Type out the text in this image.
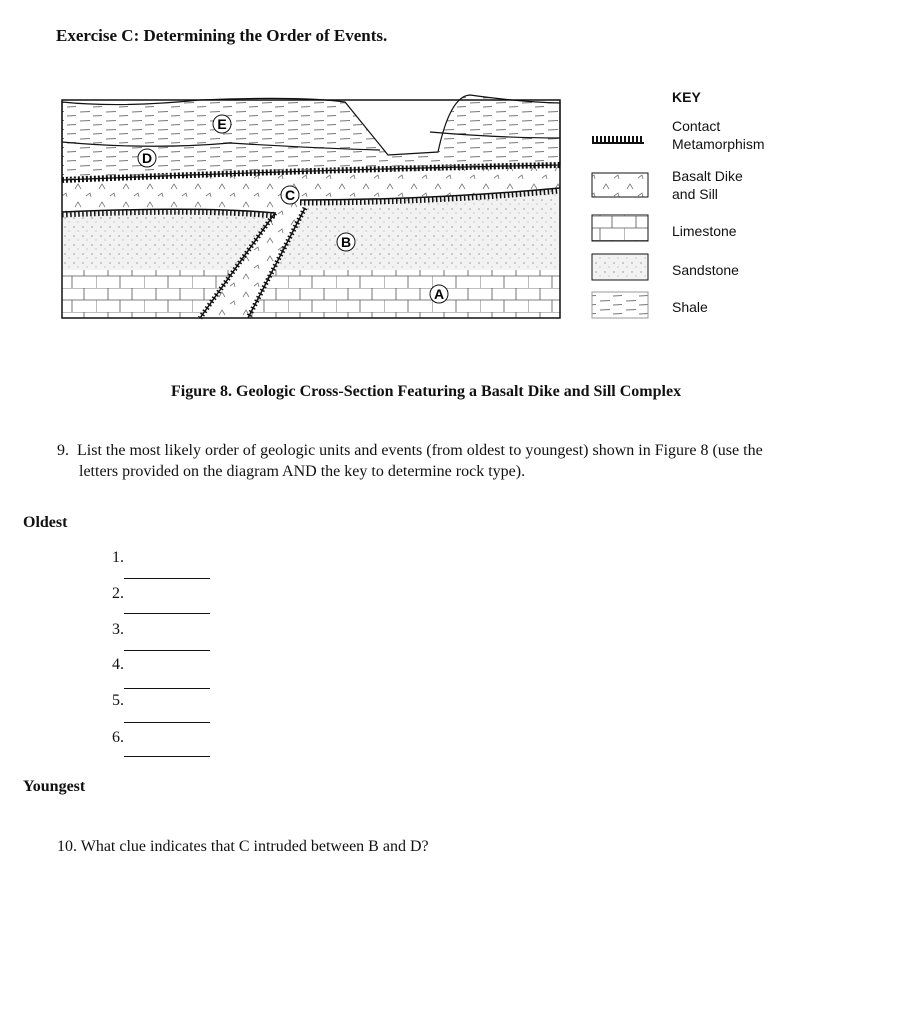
Exercise C: Determining the Order of Events.
E
D
C
B
A
KEY
Contact
Metamorphism
Basalt Dike
and Sill
Limestone
Sandstone
Shale
Figure 8. Geologic Cross-Section Featuring a Basalt Dike and Sill Complex
9. List the most likely order of geologic units and events (from oldest to youngest) shown in Figure 8 (use the
letters provided on the diagram AND the key to determine rock type).
Oldest
1.
2.
3.
4.
5.
6.
Youngest
10. What clue indicates that C intruded between B and D?
